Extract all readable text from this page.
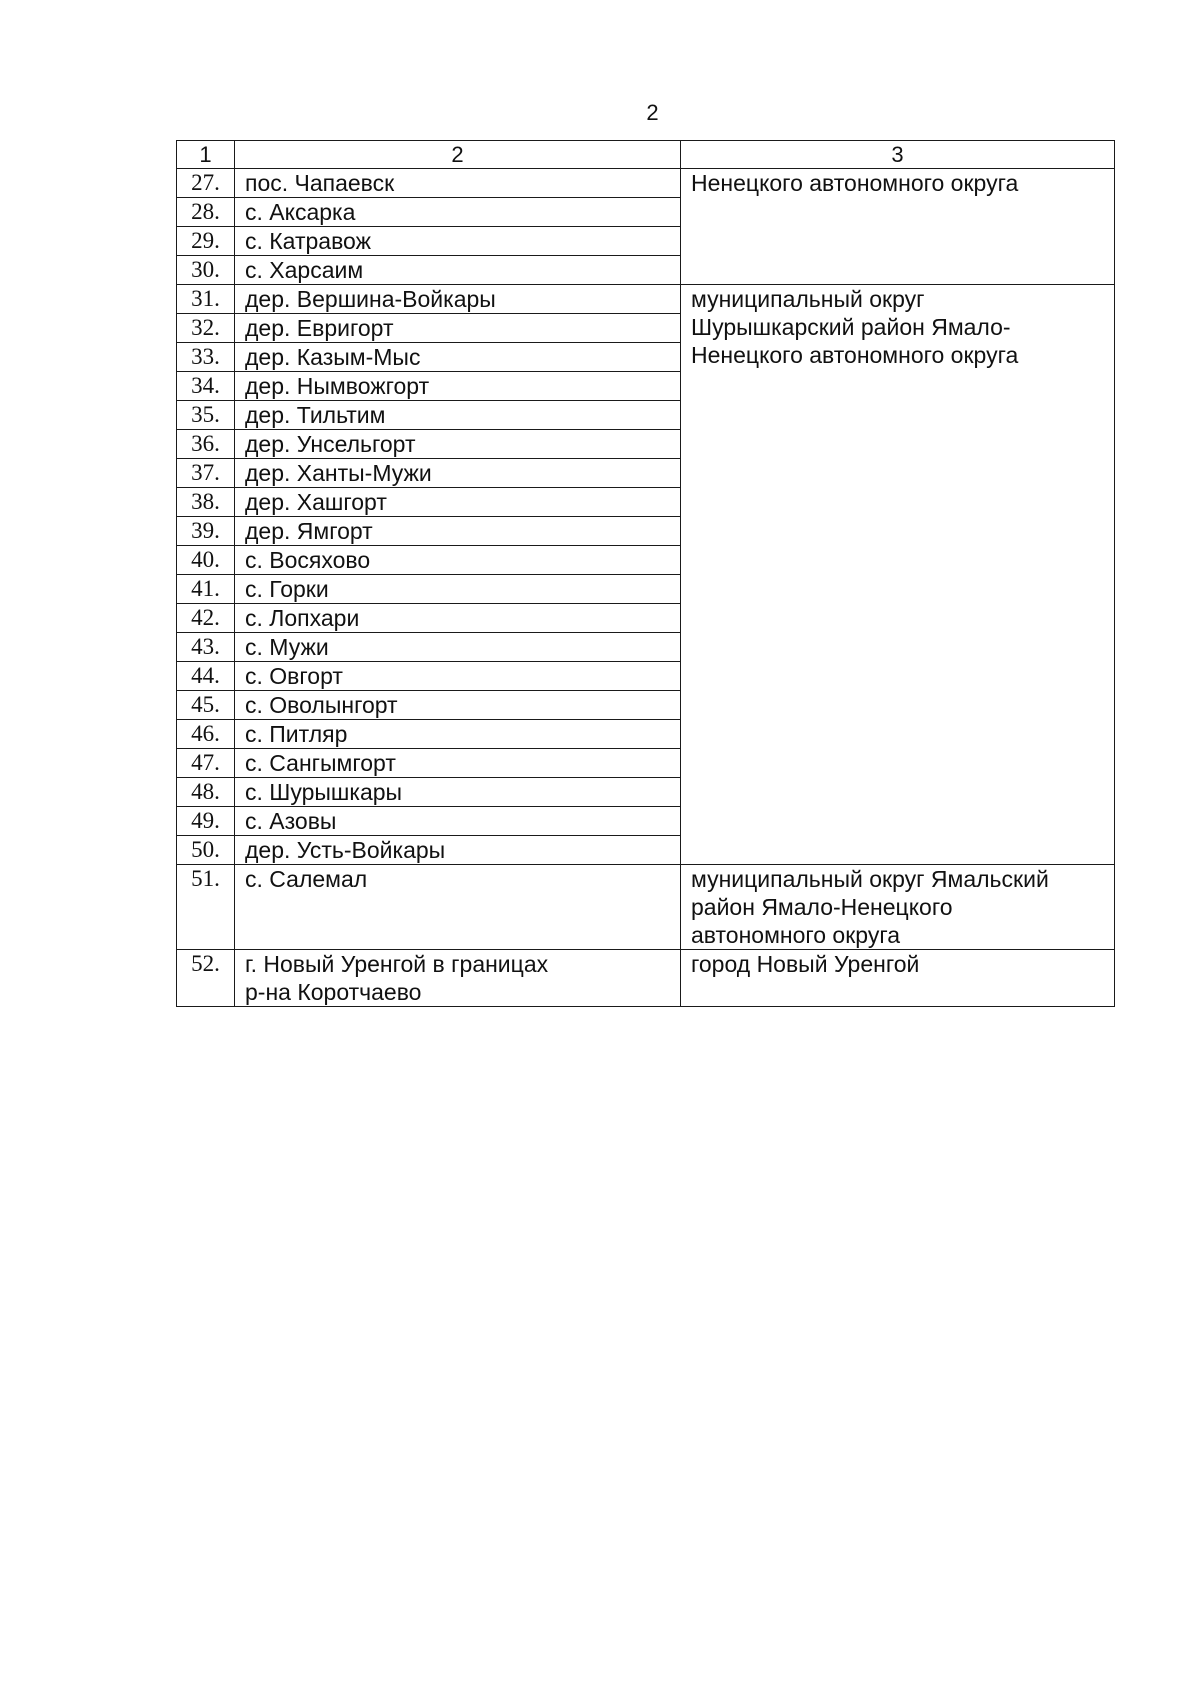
2
1	2	3
27.	пос. Чапаевск	Ненецкого автономного округа
28.	с. Аксарка	
29.	с. Катравож	
30.	с. Харсаим	
31.	дер. Вершина-Войкары	муниципальный округ
Шурышкарский район Ямало-
Ненецкого автономного округа

32.	дер. Евригорт	
33.	дер. Казым-Мыс	
34.	дер. Нымвожгорт	
35.	дер. Тильтим	
36.	дер. Унсельгорт	
37.	дер. Ханты-Мужи	
38.	дер. Хашгорт	
39.	дер. Ямгорт	
40.	с. Восяхово	
41.	с. Горки	
42.	с. Лопхари	
43.	с. Мужи	
44.	с. Овгорт	
45.	с. Оволынгорт	
46.	с. Питляр	
47.	с. Сангымгорт	
48.	с. Шурышкары	
49.	с. Азовы	
50.	дер. Усть-Войкары	
51.	с. Салемал	муниципальный округ Ямальский
район Ямало-Ненецкого
автономного округа

52.	г. Новый Уренгой в границах
р-на Коротчаево	город Новый Уренгой
